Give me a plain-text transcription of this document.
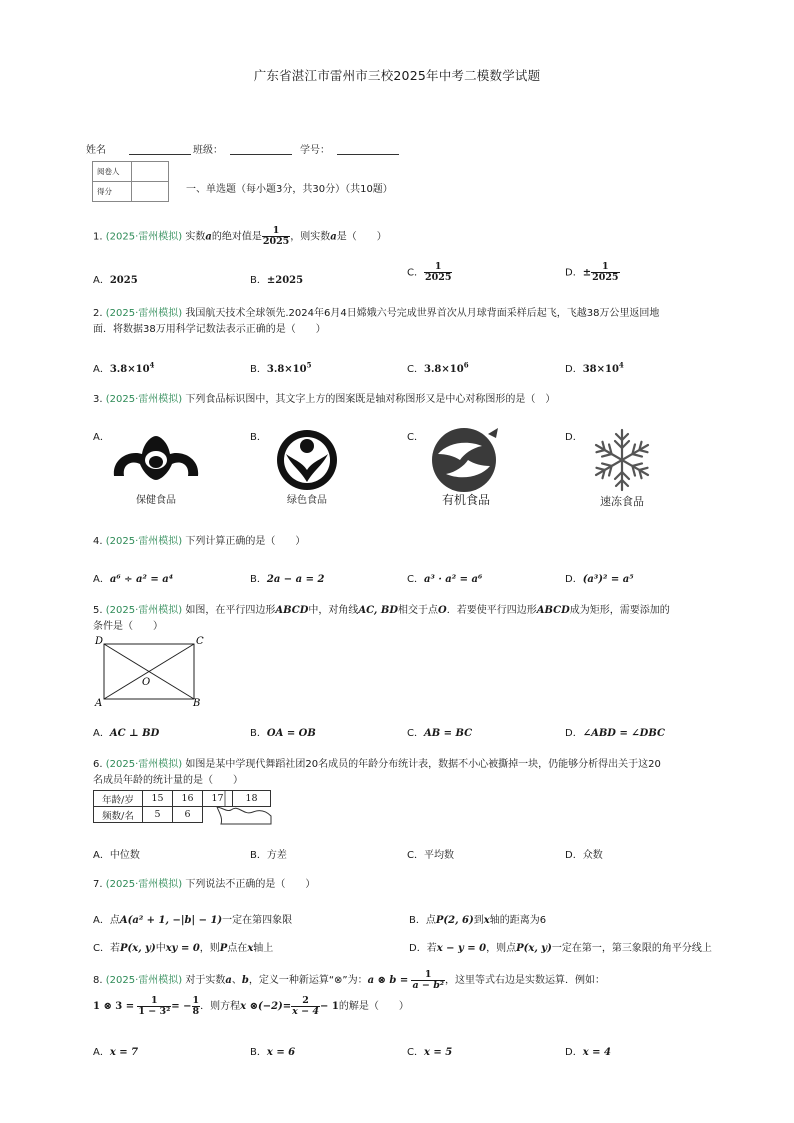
广东省湛江市雷州市三校2025年中考二模数学试题
姓名	班级：	学号：
阅卷人	
得分		一、单选题（每小题3分，共30分）（共10题）
1. (2025·雷州模拟) 实数a的绝对值是 $\frac{1}{2025}$ ，则实数a是（　　）
A．2025	B．±2025
C． $\frac{1}{2025}$	D．± $\frac{1}{2025}$
2. (2025·雷州模拟) 我国航天技术全球领先.2024年6月4日嫦娥六号完成世界首次从月球背面采样后起飞，飞越38万公里返回地
面．将数据38万用科学记数法表示正确的是（　　）
A．$3.8\times 10^4$	B．$3.8\times 10^5$	C．$3.8\times 10^6$	D．$38\times 10^4$
3. (2025·雷州模拟) 下列食品标识图中，其文字上方的图案既是轴对称图形又是中心对称图形的是（　）
A．	B．	C．	D．
保健食品	绿色食品	有机食品	速冻食品
4. (2025·雷州模拟) 下列计算正确的是（　　）
A．a⁶ ÷ a² = a⁴	B．2a − a = 2	C．a³ · a² = a⁶	D．(a³)² = a⁵
5. (2025·雷州模拟) 如图，在平行四边形ABCD中，对角线AC, BD相交于点O．若要使平行四边形ABCD成为矩形，需要添加的
条件是（　　）
D	C
A	B
O
A．AC ⊥ BD	B．OA = OB	C．AB = BC	D．∠ABD = ∠DBC
6. (2025·雷州模拟) 如图是某中学现代舞蹈社团20名成员的年龄分布统计表，数据不小心被撕掉一块，仍能够分析得出关于这20
名成员年龄的统计量的是（　　）
年龄/岁	15	16	17	18
频数/名	5	6		
A．中位数	B．方差	C．平均数	D．众数
7. (2025·雷州模拟) 下列说法不正确的是（　　）
A．点A(a² + 1, −|b| − 1)一定在第四象限	B．点P(2, 6)到x轴的距离为6
C．若P(x, y)中xy = 0，则P点在x轴上	D．若x − y = 0，则点P(x, y)一定在第一，第三象限的角平分线上
8. (2025·雷州模拟) 对于实数a、b，定义一种新运算“⊗”为：a ⊗ $b = \frac{1}{\text{a − b²}}$ ，这里等式右边是实数运算．例如：
1 ⊗ $3 = \frac{1}{\text{1 − 3²}}$ = − $\frac{1}{8}$ ．则方程x ⊗(−2)= $\frac{2}{x - 4} - 1$的解是（　　）
A．x = 7	B．x = 6	C．x = 5	D．x = 4
